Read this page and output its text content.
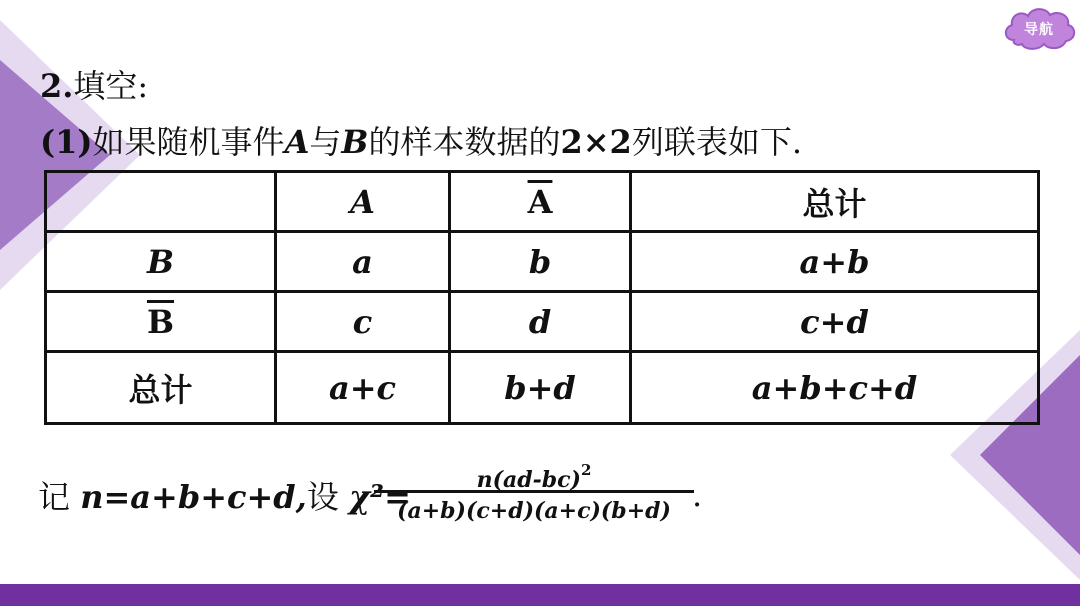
导航
2.填空:
(1)如果随机事件A与B的样本数据的2×2列联表如下.
	A	$\overline{A}$	总计
B	a	b	a+b
$\overline{B}$	c	d	c+d
总计	a+c	b+d	a+b+c+d
记 n=a+b+c+d,设 χ²=	$n(ad-bc)^2$
(a+b)(c+d)(a+c)(b+d) .
